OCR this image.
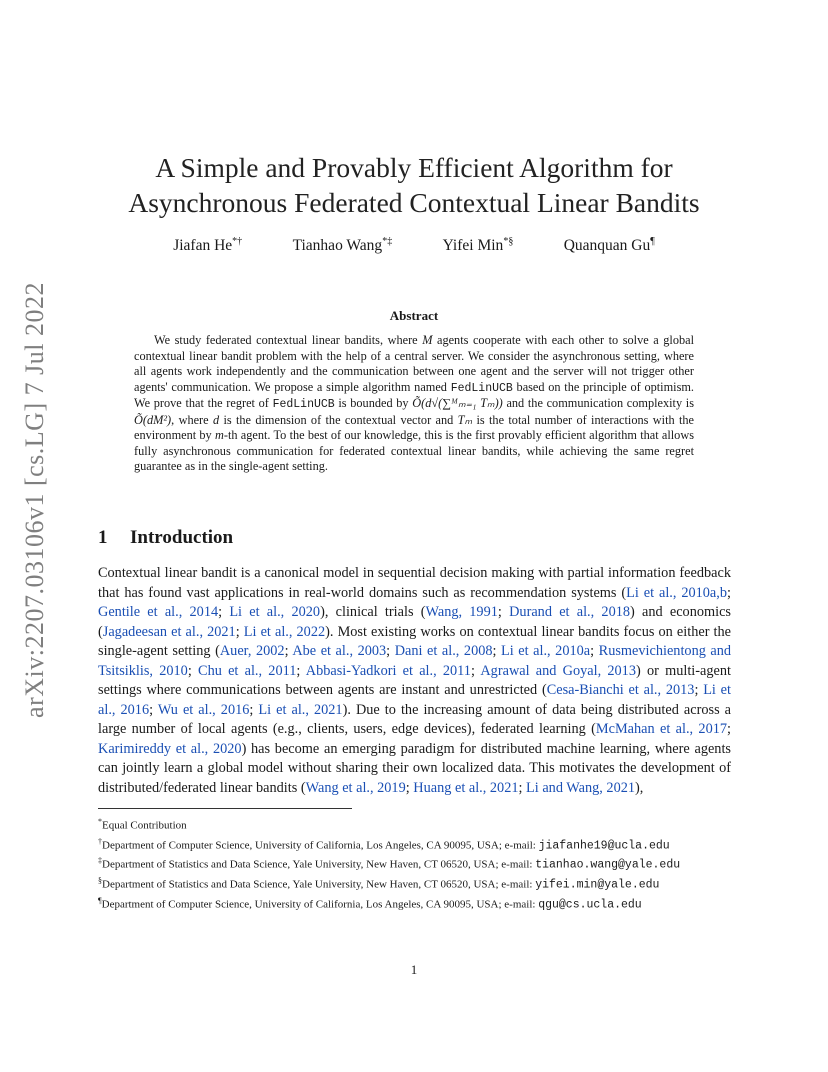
arXiv:2207.03106v1 [cs.LG] 7 Jul 2022
A Simple and Provably Efficient Algorithm for
Asynchronous Federated Contextual Linear Bandits
Jiafan He*†	Tianhao Wang*‡	Yifei Min*§	Quanquan Gu¶
Abstract
We study federated contextual linear bandits, where M agents cooperate with each other to solve a global contextual linear bandit problem with the help of a central server. We consider the asynchronous setting, where all agents work independently and the communication between one agent and the server will not trigger other agents' communication. We propose a simple algorithm named FedLinUCB based on the principle of optimism. We prove that the regret of FedLinUCB is bounded by Õ(d√(∑ᴹₘ₌₁ Tₘ)) and the communication complexity is Õ(dM²), where d is the dimension of the contextual vector and Tₘ is the total number of interactions with the environment by m-th agent. To the best of our knowledge, this is the first provably efficient algorithm that allows fully asynchronous communication for federated contextual linear bandits, while achieving the same regret guarantee as in the single-agent setting.
1 Introduction
Contextual linear bandit is a canonical model in sequential decision making with partial information feedback that has found vast applications in real-world domains such as recommendation systems (Li et al., 2010a,b; Gentile et al., 2014; Li et al., 2020), clinical trials (Wang, 1991; Durand et al., 2018) and economics (Jagadeesan et al., 2021; Li et al., 2022). Most existing works on contextual linear bandits focus on either the single-agent setting (Auer, 2002; Abe et al., 2003; Dani et al., 2008; Li et al., 2010a; Rusmevichientong and Tsitsiklis, 2010; Chu et al., 2011; Abbasi-Yadkori et al., 2011; Agrawal and Goyal, 2013) or multi-agent settings where communications between agents are instant and unrestricted (Cesa-Bianchi et al., 2013; Li et al., 2016; Wu et al., 2016; Li et al., 2021). Due to the increasing amount of data being distributed across a large number of local agents (e.g., clients, users, edge devices), federated learning (McMahan et al., 2017; Karimireddy et al., 2020) has become an emerging paradigm for distributed machine learning, where agents can jointly learn a global model without sharing their own localized data. This motivates the development of distributed/federated linear bandits (Wang et al., 2019; Huang et al., 2021; Li and Wang, 2021),
*Equal Contribution
†Department of Computer Science, University of California, Los Angeles, CA 90095, USA; e-mail: jiafanhe19@ucla.edu
‡Department of Statistics and Data Science, Yale University, New Haven, CT 06520, USA; e-mail: tianhao.wang@yale.edu
§Department of Statistics and Data Science, Yale University, New Haven, CT 06520, USA; e-mail: yifei.min@yale.edu
¶Department of Computer Science, University of California, Los Angeles, CA 90095, USA; e-mail: qgu@cs.ucla.edu
1
